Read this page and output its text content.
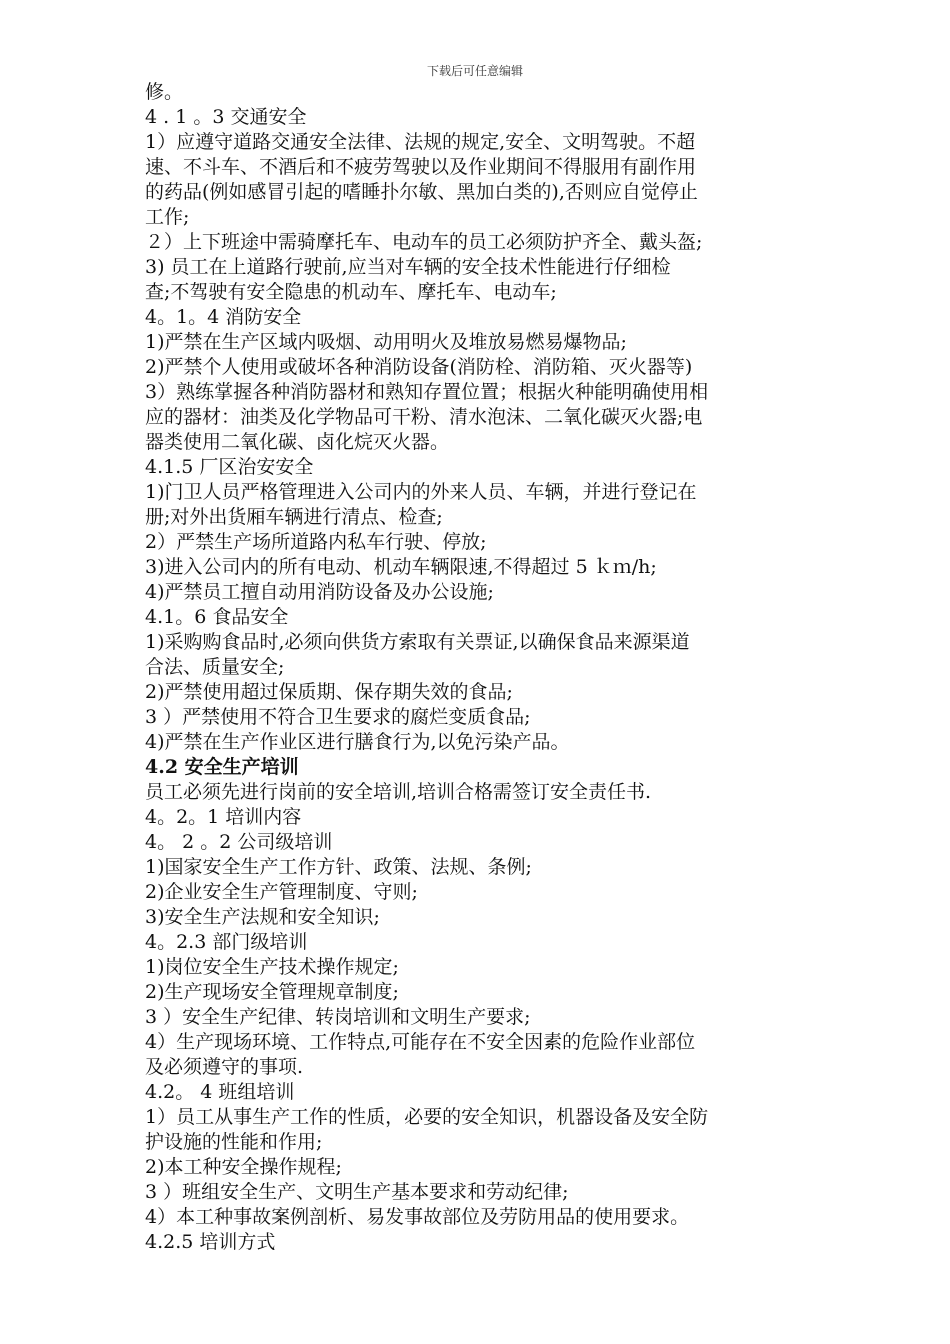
下载后可任意编辑
修。
4 . 1 。3 交通安全
1）应遵守道路交通安全法律、法规的规定,安全、文明驾驶。不超
速、不斗车、不酒后和不疲劳驾驶以及作业期间不得服用有副作用
的药品(例如感冒引起的嗜睡扑尔敏、黑加白类的),否则应自觉停止
工作;
２）上下班途中需骑摩托车、电动车的员工必须防护齐全、戴头盔;
3) 员工在上道路行驶前,应当对车辆的安全技术性能进行仔细检
查;不驾驶有安全隐患的机动车、摩托车、电动车;
4。1。4 消防安全
1)严禁在生产区域内吸烟、动用明火及堆放易燃易爆物品;
2)严禁个人使用或破坏各种消防设备(消防栓、消防箱、灭火器等)
3）熟练掌握各种消防器材和熟知存置位置；根据火种能明确使用相
应的器材：油类及化学物品可干粉、清水泡沫、二氧化碳灭火器;电
器类使用二氧化碳、卤化烷灭火器。
4.1.5 厂区治安安全
1)门卫人员严格管理进入公司内的外来人员、车辆，并进行登记在
册;对外出货厢车辆进行清点、检查;
2）严禁生产场所道路内私车行驶、停放;
3)进入公司内的所有电动、机动车辆限速,不得超过 5 ｋｍ/h;
4)严禁员工擅自动用消防设备及办公设施;
4.1。6 食品安全
1)采购购食品时,必须向供货方索取有关票证,以确保食品来源渠道
合法、质量安全;
2)严禁使用超过保质期、保存期失效的食品;
3 ）严禁使用不符合卫生要求的腐烂变质食品;
4)严禁在生产作业区进行膳食行为,以免污染产品。
4.2 安全生产培训
员工必须先进行岗前的安全培训,培训合格需签订安全责任书.
4。2。1 培训内容
4。 2 。2 公司级培训
1)国家安全生产工作方针、政策、法规、条例;
2)企业安全生产管理制度、守则;
3)安全生产法规和安全知识;
4。2.3 部门级培训
1)岗位安全生产技术操作规定;
2)生产现场安全管理规章制度;
3 ）安全生产纪律、转岗培训和文明生产要求;
4）生产现场环境、工作特点,可能存在不安全因素的危险作业部位
及必须遵守的事项.
4.2。 4 班组培训
1）员工从事生产工作的性质，必要的安全知识，机器设备及安全防
护设施的性能和作用;
2)本工种安全操作规程;
3 ）班组安全生产、文明生产基本要求和劳动纪律;
4）本工种事故案例剖析、易发事故部位及劳防用品的使用要求。
4.2.5 培训方式
